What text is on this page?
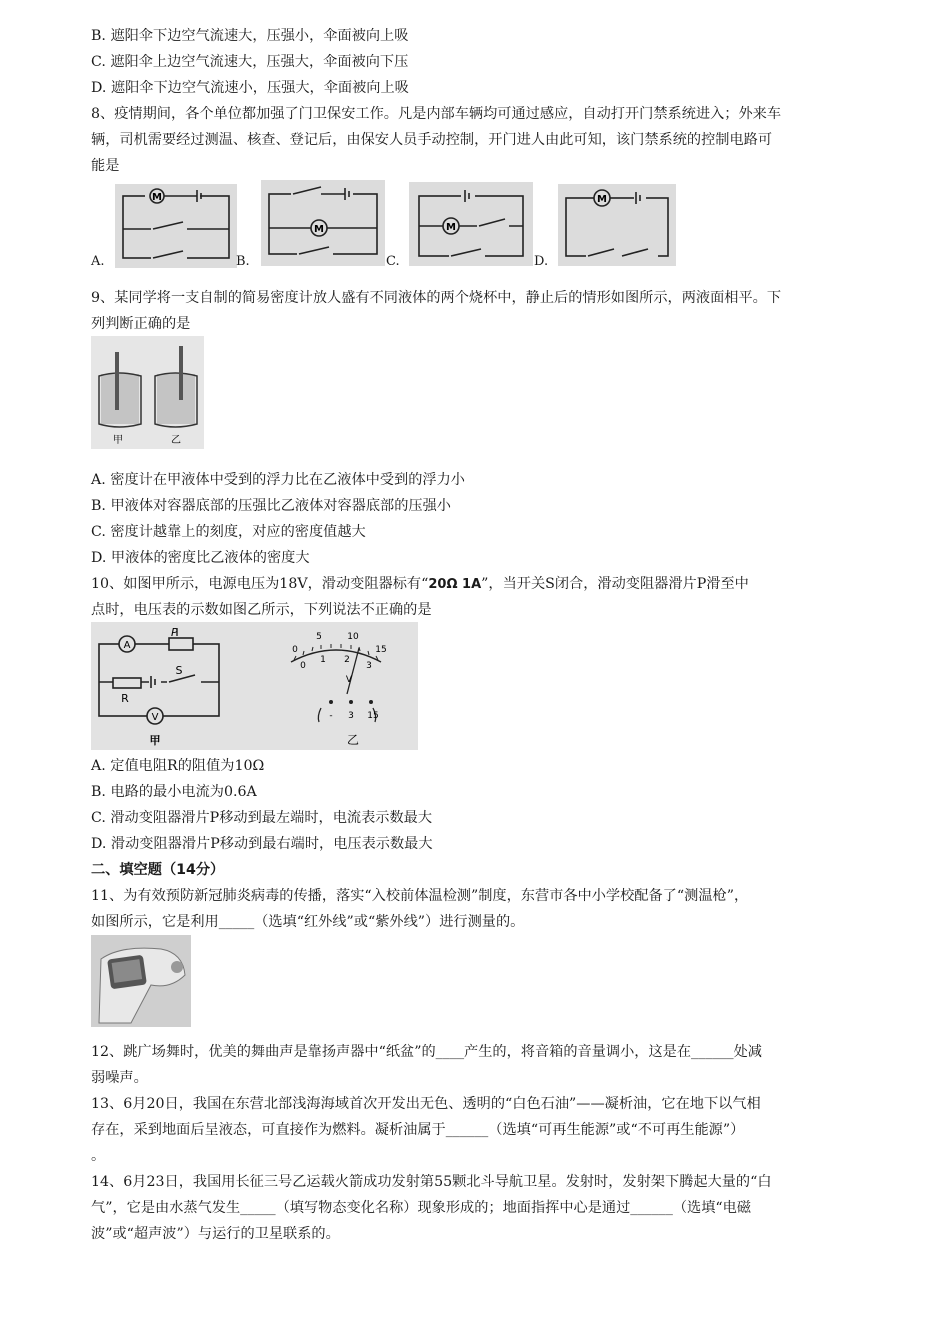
B. 遮阳伞下边空气流速大，压强小，伞面被向上吸
C. 遮阳伞上边空气流速大，压强大，伞面被向下压
D. 遮阳伞下边空气流速小，压强大，伞面被向上吸
8、疫情期间，各个单位都加强了门卫保安工作。凡是内部车辆均可通过感应，自动打开门禁系统进入；外来车
辆，司机需要经过测温、核查、登记后，由保安人员手动控制，开门进人由此可知，该门禁系统的控制电路可
能是
A.
M
B.
M
C.
M
D.
M
9、某同学将一支自制的简易密度计放人盛有不同液体的两个烧杯中，静止后的情形如图所示，两液面相平。下
列判断正确的是
甲	乙
A. 密度计在甲液体中受到的浮力比在乙液体中受到的浮力小
B. 甲液体对容器底部的压强比乙液体对容器底部的压强小
C. 密度计越靠上的刻度，对应的密度值越大
D. 甲液体的密度比乙液体的密度大
10、如图甲所示，电源电压为18V，滑动变阻器标有“20Ω 1A”，当开关S闭合，滑动变阻器滑片P滑至中
点时，电压表的示数如图乙所示，下列说法不正确的是
A
P
R
S
V
甲
0
5	10
15
0
1 2
3
V
- 3 15
乙
A. 定值电阻R的阻值为10Ω
B. 电路的最小电流为0.6A
C. 滑动变阻器滑片P移动到最左端时，电流表示数最大
D. 滑动变阻器滑片P移动到最右端时，电压表示数最大
二、填空题（14分）
11、为有效预防新冠肺炎病毒的传播，落实“入校前体温检测”制度，东营市各中小学校配备了“测温枪”，
如图所示，它是利用_____（选填“红外线”或“紫外线”）进行测量的。
12、跳广场舞时，优美的舞曲声是靠扬声器中“纸盆”的____产生的，将音箱的音量调小，这是在______处减
弱噪声。
13、6月20日，我国在东营北部浅海海域首次开发出无色、透明的“白色石油”——凝析油，它在地下以气相
存在，采到地面后呈液态，可直接作为燃料。凝析油属于______（选填“可再生能源”或“不可再生能源”）
。
14、6月23日，我国用长征三号乙运载火箭成功发射第55颗北斗导航卫星。发射时，发射架下腾起大量的“白
气”，它是由水蒸气发生_____（填写物态变化名称）现象形成的；地面指挥中心是通过______（选填“电磁
波”或“超声波”）与运行的卫星联系的。
